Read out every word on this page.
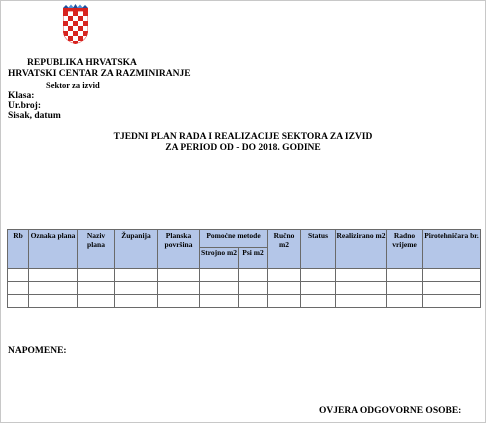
REPUBLIKA HRVATSKA
HRVATSKI CENTAR ZA RAZMINIRANJE
Sektor za izvid
Klasa:
Ur.broj:
Sisak, datum
TJEDNI PLAN RADA I REALIZACIJE SEKTORA ZA IZVID
ZA PERIOD OD - DO 2018. GODINE
Rb	Oznaka plana	Naziv plana	Županija	Planska površina	Pomoćne metode		Ručno m2	Status	Realizirano m2	Radno vrijeme	Pirotehničara br.
					Strojno m2	Psi m2					

NAPOMENE:
OVJERA ODGOVORNE OSOBE:
